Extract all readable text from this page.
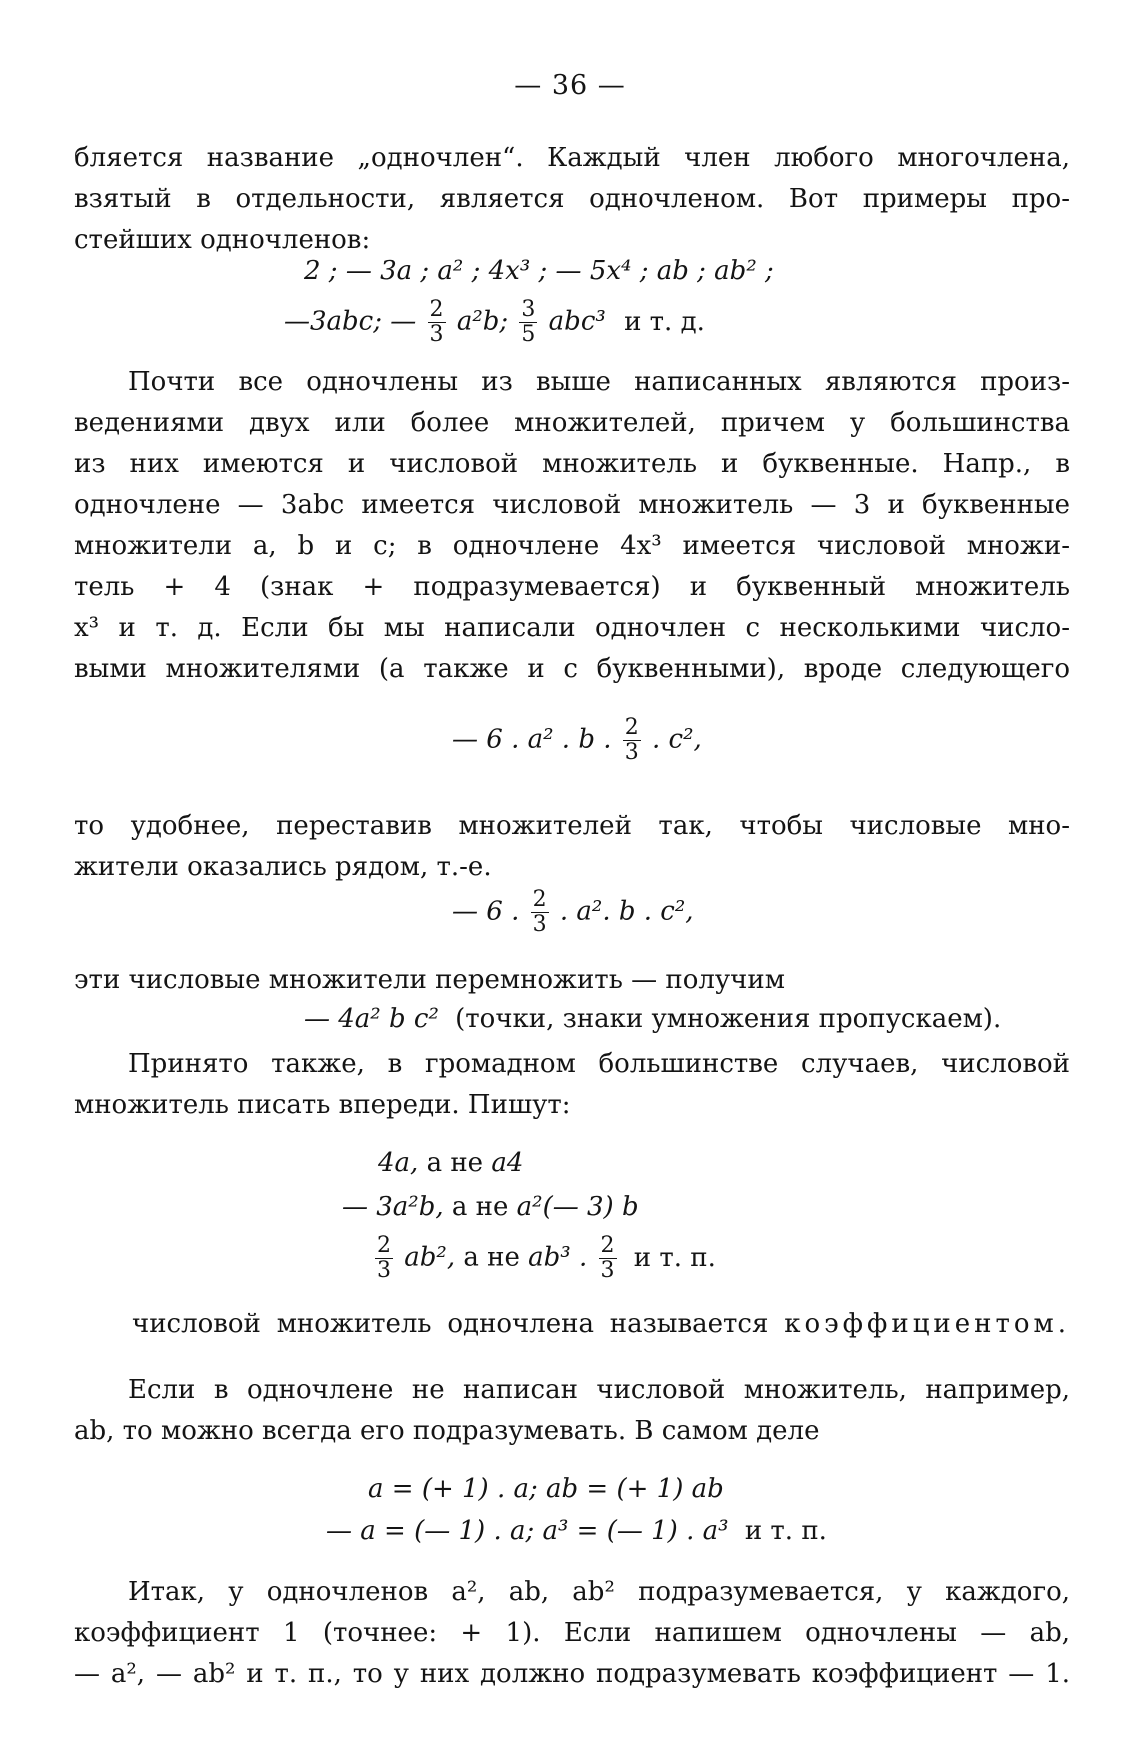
— 36 —
бляется название „одночлен“. Каждый член любого многочлена,
взятый в отдельности, является одночленом. Вот примеры про-
стейших одночленов:
2 ; — 3a ; a² ; 4x³ ; — 5x⁴ ; ab ; ab² ;
—3abc; — $\frac{2}{3} a^2b$; $\frac{3}{5} abc^3$ и т. д.
Почти все одночлены из выше написанных являются произ-
ведениями двух или более множителей, причем у большинства
из них имеются и числовой множитель и буквенные. Напр., в
одночлене — 3abc имеется числовой множитель — 3 и буквенные
множители a, b и c; в одночлене 4x³ имеется числовой множи-
тель + 4 (знак + подразумевается) и буквенный множитель
x³ и т. д. Если бы мы написали одночлен с несколькими число-
выми множителями (а также и с буквенными), вроде следующего
— 6 . a² . b . $\frac{2}{3}$ . c²,
то удобнее, переставив множителей так, чтобы числовые мно-
жители оказались рядом, т.-е.
— 6 . $\frac{2}{3}$ . a². b . c²,
эти числовые множители перемножить — получим
— 4a² b c² (точки, знаки умножения пропускаем).
Принято также, в громадном большинстве случаев, числовой
множитель писать впереди. Пишут:
4a, а не a4
— 3a²b, а не a²(— 3) b
$\frac{2}{3} ab^2$, а не ab³ . $\frac{2}{3}$ и т. п.
числовой множитель одночлена называется коэффициентом.
Если в одночлене не написан числовой множитель, например,
ab, то можно всегда его подразумевать. В самом деле
a = (+ 1) . a; ab = (+ 1) ab
— a = (— 1) . a; a³ = (— 1) . a³ и т. п.
Итак, у одночленов a², ab, ab² подразумевается, у каждого,
коэффициент 1 (точнее: + 1). Если напишем одночлены — ab,
— a², — ab² и т. п., то у них должно подразумевать коэффициент — 1.
